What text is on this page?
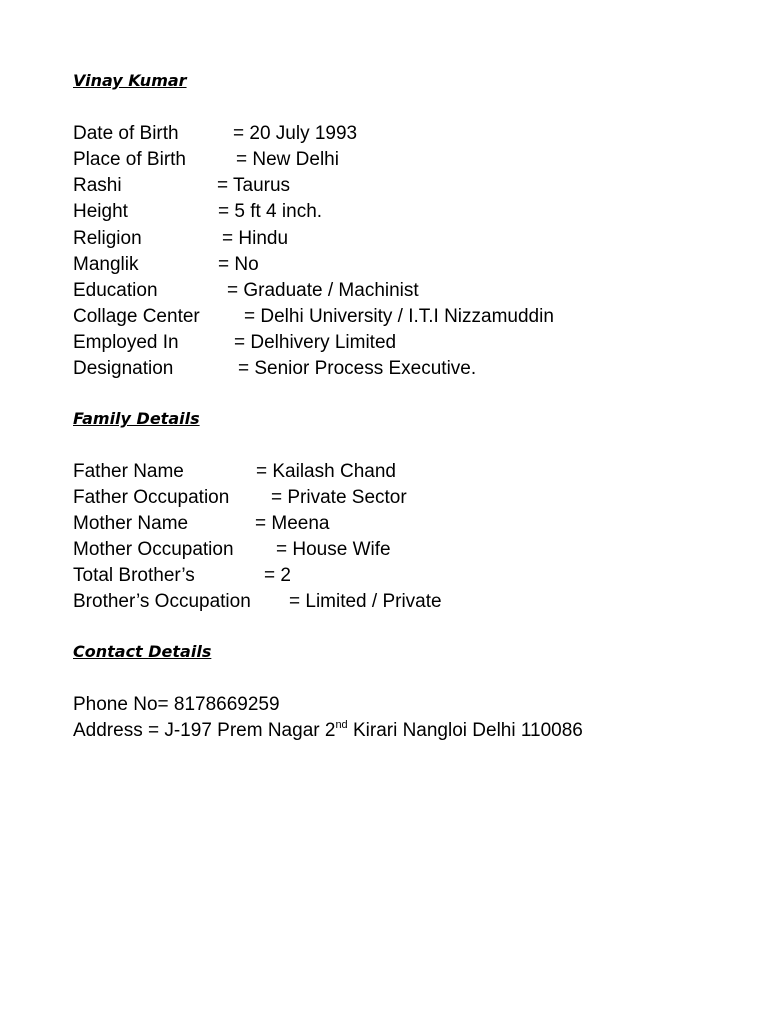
Vinay Kumar
Date of Birth	= 20 July 1993
Place of Birth	= New Delhi
Rashi	= Taurus
Height	= 5 ft 4 inch.
Religion	= Hindu
Manglik	= No
Education	= Graduate / Machinist
Collage Center = Delhi University / I.T.I Nizzamuddin
Employed In	= Delhivery Limited
Designation	= Senior Process Executive.
Family Details
Father Name	= Kailash Chand
Father Occupation = Private Sector
Mother Name	= Meena
Mother Occupation = House Wife
Total Brother’s	= 2
Brother’s Occupation = Limited / Private
Contact Details
Phone No= 8178669259
Address = J-197 Prem Nagar 2nd Kirari Nangloi Delhi 110086
